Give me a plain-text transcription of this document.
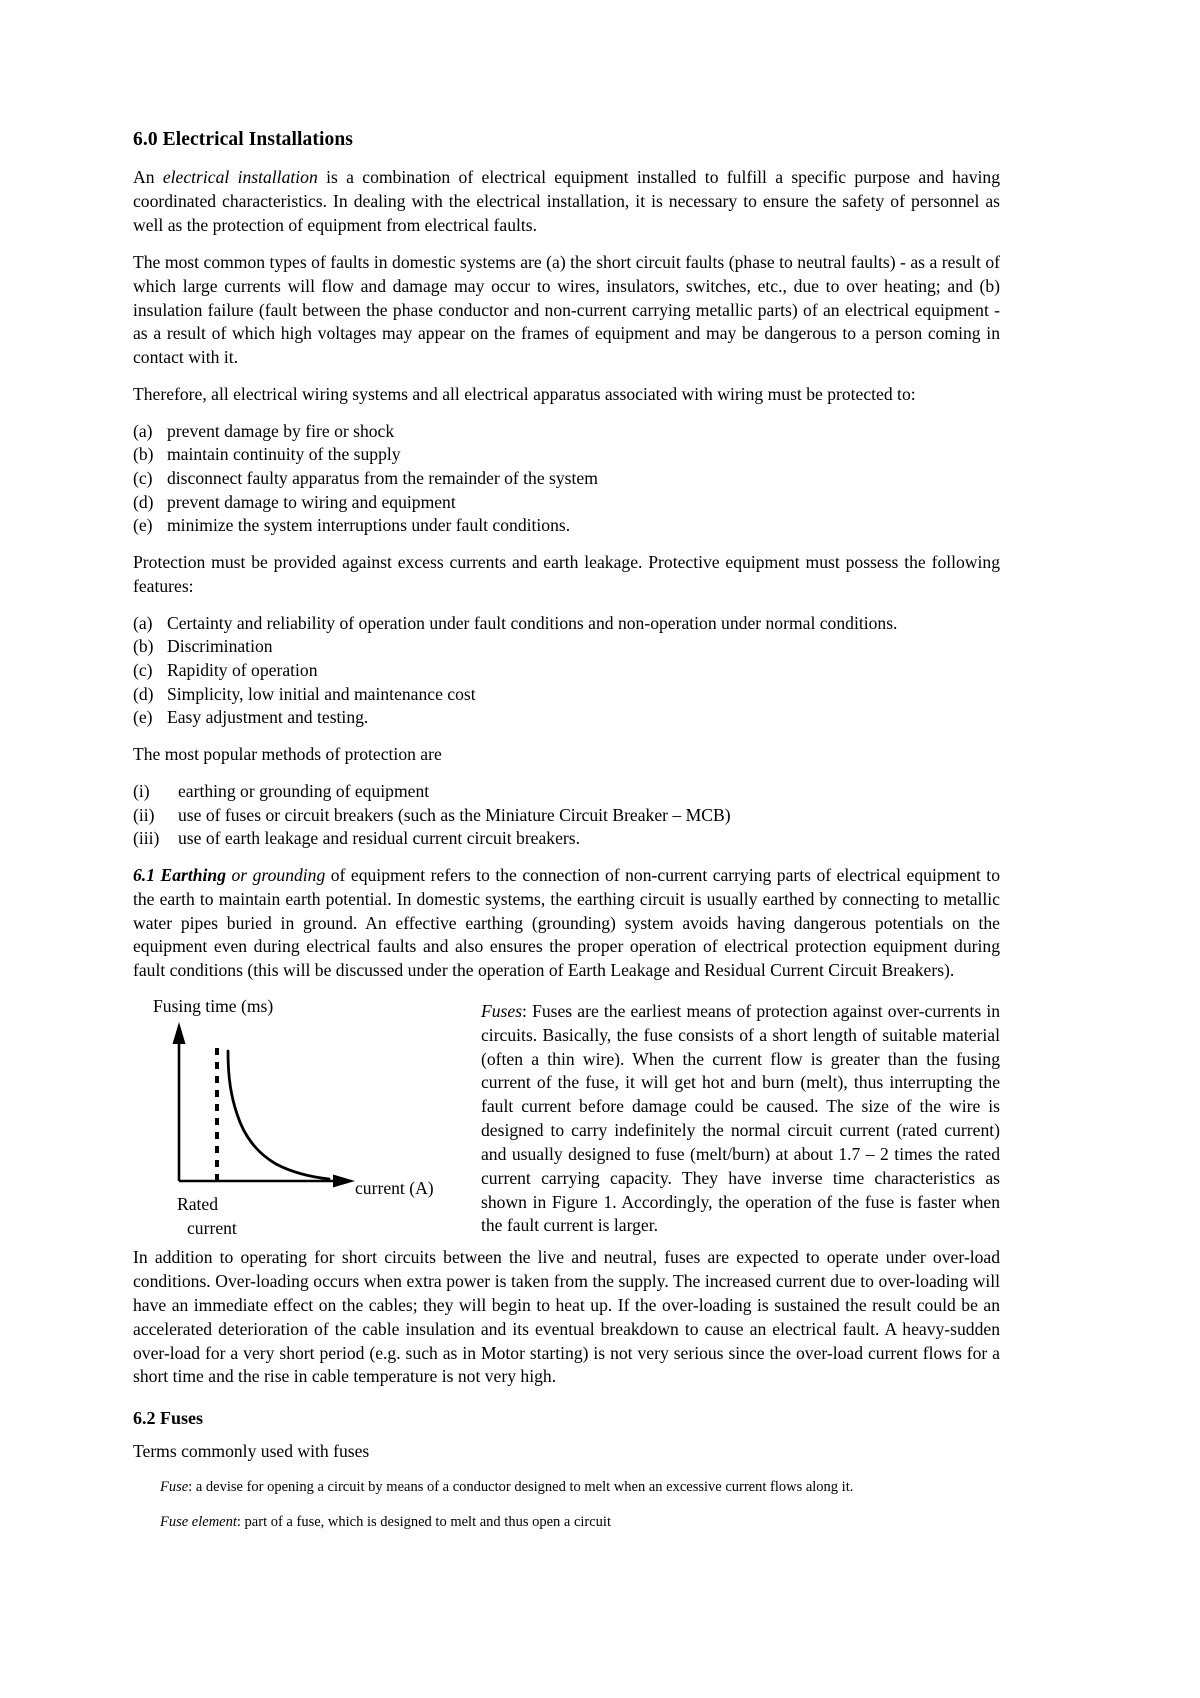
6.0 Electrical Installations

An electrical installation is a combination of electrical equipment installed to fulfill a specific purpose and having coordinated characteristics. In dealing with the electrical installation, it is necessary to ensure the safety of personnel as well as the protection of equipment from electrical faults.

The most common types of faults in domestic systems are (a) the short circuit faults (phase to neutral faults) - as a result of which large currents will flow and damage may occur to wires, insulators, switches, etc., due to over heating; and (b) insulation failure (fault between the phase conductor and non-current carrying metallic parts) of an electrical equipment - as a result of which high voltages may appear on the frames of equipment and may be dangerous to a person coming in contact with it.

Therefore, all electrical wiring systems and all electrical apparatus associated with wiring must be protected to:

(a) prevent damage by fire or shock
(b) maintain continuity of the supply
(c) disconnect faulty apparatus from the remainder of the system
(d) prevent damage to wiring and equipment
(e) minimize the system interruptions under fault conditions.

Protection must be provided against excess currents and earth leakage. Protective equipment must possess the following features:

(a) Certainty and reliability of operation under fault conditions and non-operation under normal conditions.
(b) Discrimination
(c) Rapidity of operation
(d) Simplicity, low initial and maintenance cost
(e) Easy adjustment and testing.

The most popular methods of protection are

(i)	earthing or grounding of equipment
(ii)	use of fuses or circuit breakers (such as the Miniature Circuit Breaker – MCB)
(iii)	use of earth leakage and residual current circuit breakers.

6.1 Earthing or grounding of equipment refers to the connection of non-current carrying parts of electrical equipment to the earth to maintain earth potential. In domestic systems, the earthing circuit is usually earthed by connecting to metallic water pipes buried in ground. An effective earthing (grounding) system avoids having dangerous potentials on the equipment even during electrical faults and also ensures the proper operation of electrical protection equipment during fault conditions (this will be discussed under the operation of Earth Leakage and Residual Current Circuit Breakers).

Fusing time (ms)
current (A)
Rated
current
Fuses: Fuses are the earliest means of protection against over-currents in circuits. Basically, the fuse consists of a short length of suitable material (often a thin wire). When the current flow is greater than the fusing current of the fuse, it will get hot and burn (melt), thus interrupting the fault current before damage could be caused. The size of the wire is designed to carry indefinitely the normal circuit current (rated current) and usually designed to fuse (melt/burn) at about 1.7 – 2 times the rated current carrying capacity. They have inverse time characteristics as shown in Figure 1. Accordingly, the operation of the fuse is faster when the fault current is larger.

In addition to operating for short circuits between the live and neutral, fuses are expected to operate under over-load conditions. Over-loading occurs when extra power is taken from the supply. The increased current due to over-loading will have an immediate effect on the cables; they will begin to heat up. If the over-loading is sustained the result could be an accelerated deterioration of the cable insulation and its eventual breakdown to cause an electrical fault. A heavy-sudden over-load for a very short period (e.g. such as in Motor starting) is not very serious since the over-load current flows for a short time and the rise in cable temperature is not very high.

6.2 Fuses

Terms commonly used with fuses

Fuse: a devise for opening a circuit by means of a conductor designed to melt when an excessive current flows along it.

Fuse element: part of a fuse, which is designed to melt and thus open a circuit
